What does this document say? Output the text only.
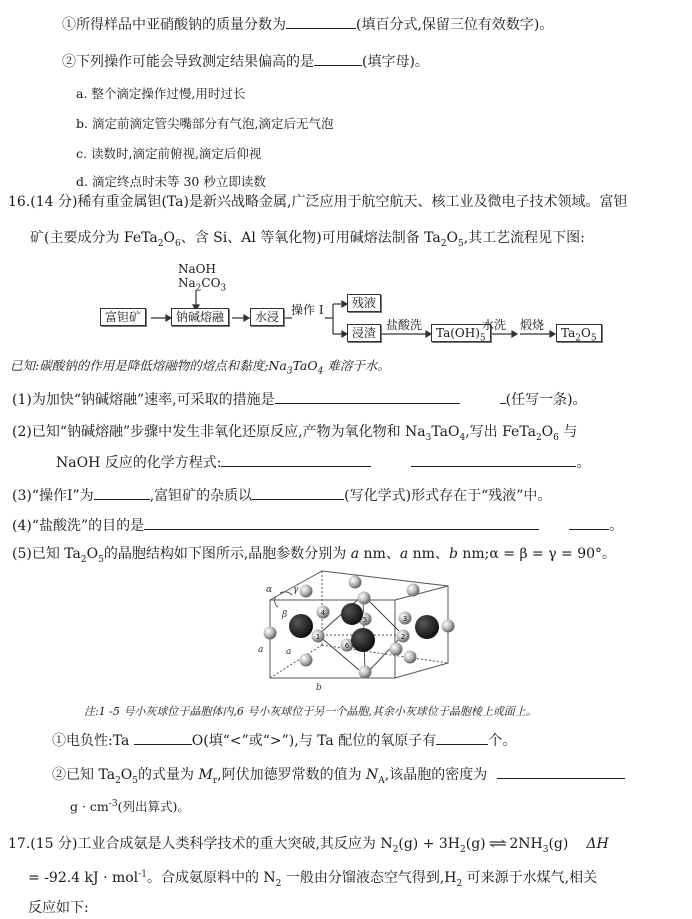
①所得样品中亚硝酸钠的质量分数为	(填百分式,保留三位有效数字)。
②下列操作可能会导致测定结果偏高的是	(填字母)。
a. 整个滴定操作过慢,用时过长
b. 滴定前滴定管尖嘴部分有气泡,滴定后无气泡
c. 读数时,滴定前俯视,滴定后仰视
d. 滴定终点时未等 30 秒立即读数
16.(14 分)稀有重金属钽(Ta)是新兴战略金属,广泛应用于航空航天、核工业及微电子技术领域。富钽
矿(主要成分为 $FeTa_2O_6$、含 Si、Al 等氧化物)可用碱熔法制备 $Ta_2O_5$,其工艺流程见下图:
NaOH
$Na_2CO_3$
富钽矿	钠碱熔融	水浸 操作 I	残液
浸渣
盐酸洗
$Ta(OH)_5$
水洗 煅烧
$Ta_2O_5$
已知:碳酸钠的作用是降低熔融物的熔点和黏度$;Na_3TaO_4$ 难溶于水。
(1)为加快“钠碱熔融”速率,可采取的措施是	(任写一条)。
(2)已知“钠碱熔融”步骤中发生非氧化还原反应,产物为氧化物和 $Na_3TaO_4$,写出 $FeTa_2O_6$ 与
NaOH 反应的化学方程式:	。
(3)“操作I”为	,富钽矿的杂质以	(写化学式)形式存在于“残液”中。
(4)“盐酸洗”的目的是	。
(5)已知 $Ta_2O_5$的晶胞结构如下图所示,晶胞参数分别为 a nm、a nm、b nm;α = β = γ = 90°。
1	2
3
4
5
6
α
β
γ
a	a
b
注:1 -5 号小灰球位于晶胞体内,6 号小灰球位于另一个晶胞,其余小灰球位于晶胞棱上或面上。
①电负性:Ta	O(填“<”或“>”),与 Ta 配位的氧原子有	个。
②已知 $Ta_2O_5$的式量为 $M_r$,阿伏加德罗常数的值为 $N_A$,该晶胞的密度为
$g \cdot cm^{-3}$(列出算式)。
17.(15 分)工业合成氨是人类科学技术的重大突破,其反应为 $N_2(g) + 3H_2(g)$ ⇌ $2NH_3(g)$ ΔH
= -92.4 kJ · mol$^{-1}$。合成氨原料中的 $N_2$ 一般由分馏液态空气得到$,H_2$ 可来源于水煤气,相关
反应如下:
